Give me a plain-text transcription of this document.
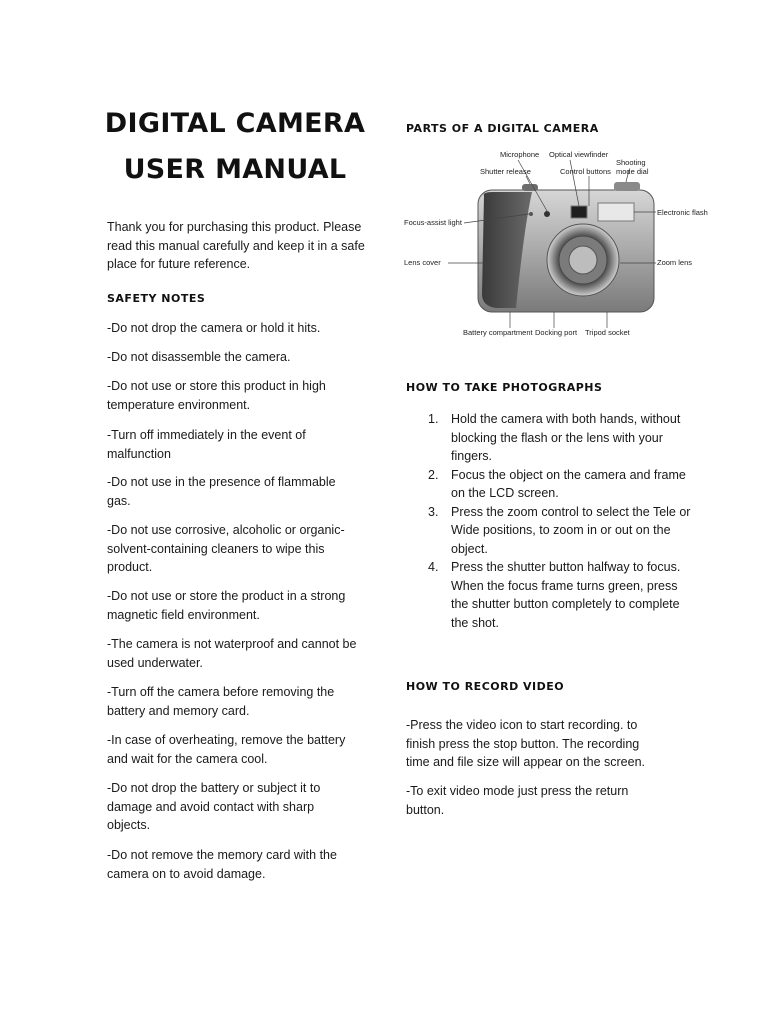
DIGITAL CAMERA
USER MANUAL

Thank you for purchasing this product. Please read this manual carefully and keep it in a safe place for future reference.

SAFETY NOTES

-Do not drop the camera or hold it hits.

-Do not disassemble the camera.

-Do not use or store this product in high temperature environment.

-Turn off immediately in the event of malfunction

-Do not use in the presence of flammable gas.

-Do not use corrosive, alcoholic or organic-solvent-containing cleaners to wipe this product.

-Do not use or store the product in a strong magnetic field environment.

-The camera is not waterproof and cannot be used underwater.

-Turn off the camera before removing the battery and memory card.

-In case of overheating, remove the battery and wait for the camera cool.

-Do not drop the battery or subject it to damage and avoid contact with sharp objects.

-Do not remove the memory card with the camera on to avoid damage.

PARTS OF A DIGITAL CAMERA

HOW TO TAKE PHOTOGRAPHS

1. Hold the camera with both hands, without blocking the flash or the lens with your fingers.
2. Focus the object on the camera and frame on the LCD screen.
3. Press the zoom control to select the Tele or Wide positions, to zoom in or out on the object.
4. Press the shutter button halfway to focus. When the focus frame turns green, press the shutter button completely to complete the shot.

HOW TO RECORD VIDEO

-Press the video icon to start recording. to finish press the stop button. The recording time and file size will appear on the screen.

-To exit video mode just press the return button.

Microphone Optical viewfinder
Shooting mode dial
Shutter release	Control buttons
Focus-assist light
Electronic flash
Lens cover	Zoom lens
Battery compartment Docking port Tripod socket
